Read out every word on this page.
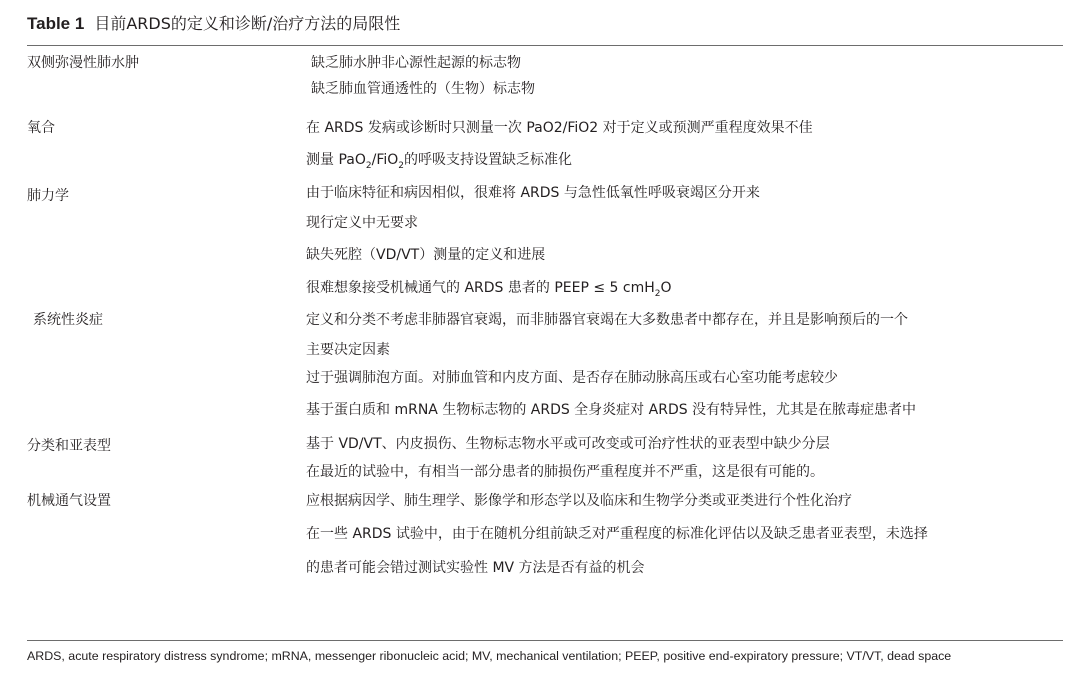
Table 1 目前ARDS的定义和诊断/治疗方法的局限性
双侧弥漫性肺水肿
氧合
肺力学
系统性炎症
分类和亚表型
机械通气设置
缺乏肺水肿非心源性起源的标志物
缺乏肺血管通透性的（生物）标志物
在 ARDS 发病或诊断时只测量一次 PaO2/FiO2 对于定义或预测严重程度效果不佳
测量 PaO$_2$/FiO$_2$的呼吸支持设置缺乏标准化
由于临床特征和病因相似，很难将 ARDS 与急性低氧性呼吸衰竭区分开来
现行定义中无要求
缺失死腔（VD/VT）测量的定义和进展
很难想象接受机械通气的 ARDS 患者的 PEEP ≤ 5 cmH$_2$O
定义和分类不考虑非肺器官衰竭，而非肺器官衰竭在大多数患者中都存在，并且是影响预后的一个
主要决定因素
过于强调肺泡方面。对肺血管和内皮方面、是否存在肺动脉高压或右心室功能考虑较少
基于蛋白质和 mRNA 生物标志物的 ARDS 全身炎症对 ARDS 没有特异性，尤其是在脓毒症患者中
基于 VD/VT、内皮损伤、生物标志物水平或可改变或可治疗性状的亚表型中缺少分层
在最近的试验中，有相当一部分患者的肺损伤严重程度并不严重，这是很有可能的。
应根据病因学、肺生理学、影像学和形态学以及临床和生物学分类或亚类进行个性化治疗
在一些 ARDS 试验中，由于在随机分组前缺乏对严重程度的标准化评估以及缺乏患者亚表型，未选择
的患者可能会错过测试实验性 MV 方法是否有益的机会
ARDS, acute respiratory distress syndrome; mRNA, messenger ribonucleic acid; MV, mechanical ventilation; PEEP, positive end-expiratory pressure; VT/VT, dead space
